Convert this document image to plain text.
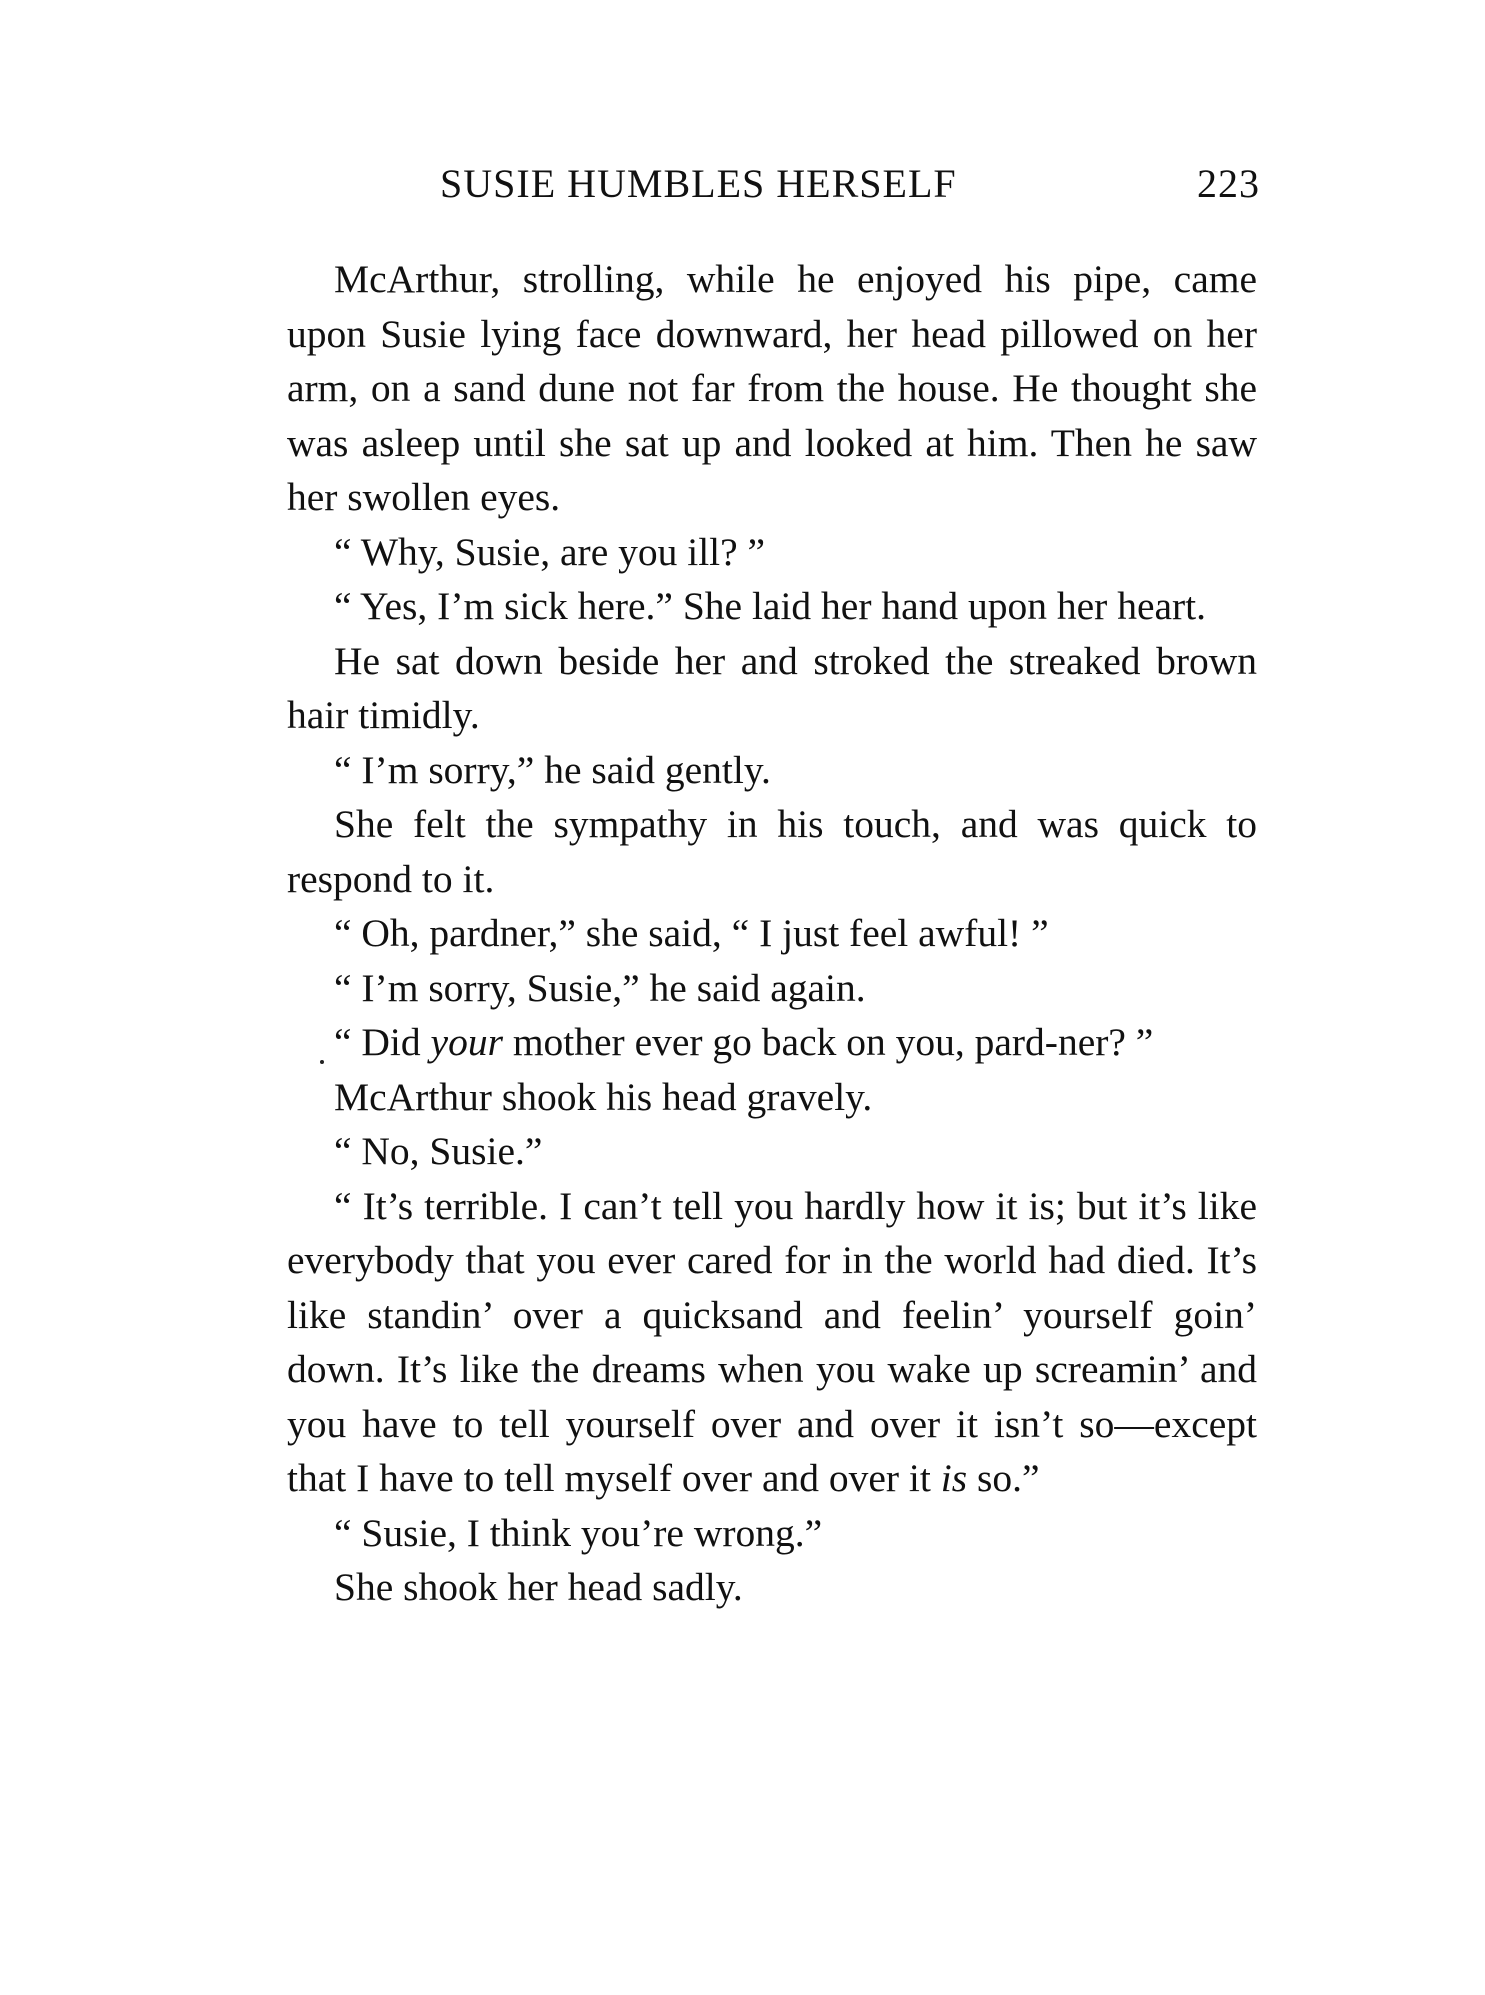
SUSIE HUMBLES HERSELF	223

McArthur, strolling, while he enjoyed his pipe, came upon Susie lying face downward, her head pillowed on her arm, on a sand dune not far from the house. He thought she was asleep until she sat up and looked at him. Then he saw her swollen eyes.

“ Why, Susie, are you ill? ”

“ Yes, I’m sick here.” She laid her hand upon her heart.

He sat down beside her and stroked the streaked brown hair timidly.

“ I’m sorry,” he said gently.

She felt the sympathy in his touch, and was quick to respond to it.

“ Oh, pardner,” she said, “ I just feel awful! ”

“ I’m sorry, Susie,” he said again.

“ Did your mother ever go back on you, pard-ner? ”

McArthur shook his head gravely.

“ No, Susie.”

“ It’s terrible. I can’t tell you hardly how it is; but it’s like everybody that you ever cared for in the world had died. It’s like standin’ over a quicksand and feelin’ yourself goin’ down. It’s like the dreams when you wake up screamin’ and you have to tell yourself over and over it isn’t so—except that I have to tell myself over and over it is so.”

“ Susie, I think you’re wrong.”

She shook her head sadly.
